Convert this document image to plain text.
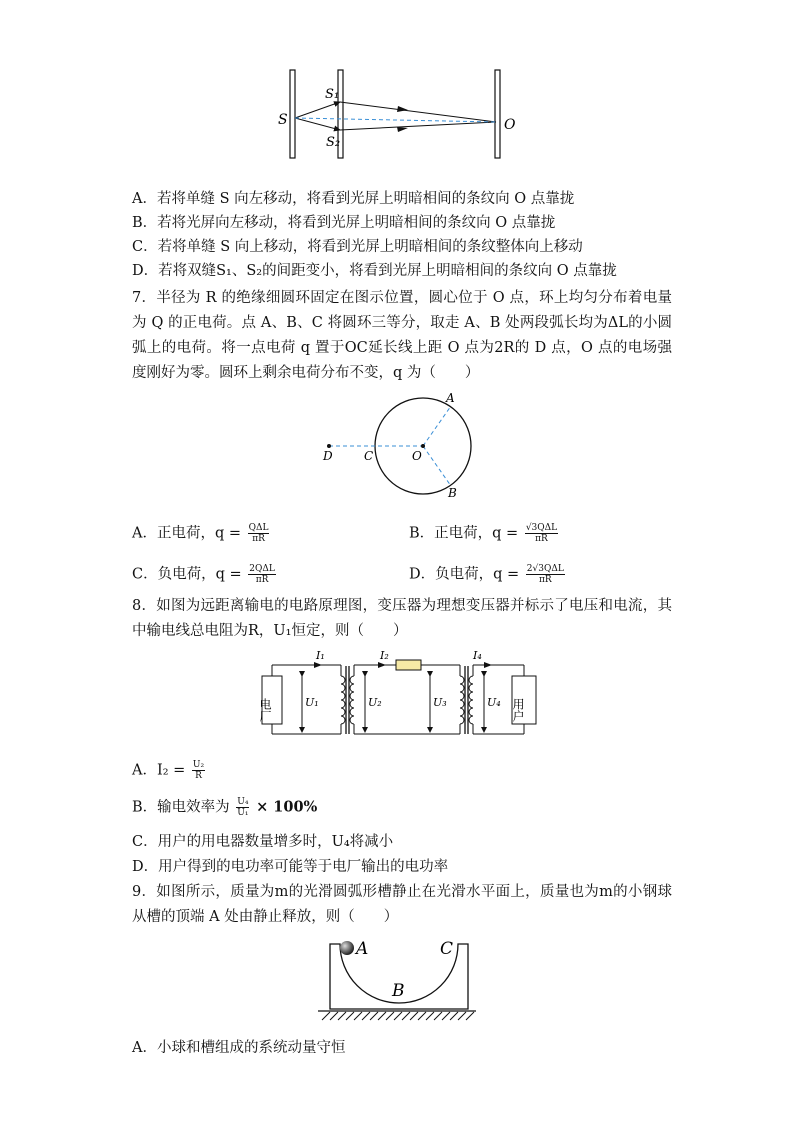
S
S₁
S₂
O
A．若将单缝 S 向左移动，将看到光屏上明暗相间的条纹向 O 点靠拢
B．若将光屏向左移动，将看到光屏上明暗相间的条纹向 O 点靠拢
C．若将单缝 S 向上移动，将看到光屏上明暗相间的条纹整体向上移动
D．若将双缝S₁、S₂的间距变小，将看到光屏上明暗相间的条纹向 O 点靠拢
7．半径为 R 的绝缘细圆环固定在图示位置，圆心位于 O 点，环上均匀分布着电量为 Q 的正电荷。点 A、B、C 将圆环三等分，取走 A、B 处两段弧长均为ΔL的小圆弧上的电荷。将一点电荷 q 置于OC延长线上距 O 点为2R的 D 点，O 点的电场强度刚好为零。圆环上剩余电荷分布不变，q 为（　　）
A
B
C
D	O
A．正电荷，$q = \frac{\text{QΔL}}{\pi R}$	B．正电荷，$q = \frac{\text{√3QΔL}}{\pi R}$
C．负电荷，$q = \frac{\text{2QΔL}}{\pi R}$	D．负电荷，$q = \frac{\text{2√3QΔL}}{\pi R}$
8．如图为远距离输电的电路原理图，变压器为理想变压器并标示了电压和电流，其中输电线总电阻为R，U₁恒定，则（　　）
电厂	用户
I₁	I₂	I₄
U₁	U₂	U₃	U₄
A．$I_2 = \frac{\text{U₂}}{R}$
B．输电效率为 $\frac{\text{U₄}}{\text{U₁}} \times 100\%$
C．用户的用电器数量增多时，U₄将减小
D．用户得到的电功率可能等于电厂输出的电功率
9．如图所示，质量为m的光滑圆弧形槽静止在光滑水平面上，质量也为m的小钢球从槽的顶端 A 处由静止释放，则（　　）
A	C
B
A．小球和槽组成的系统动量守恒
